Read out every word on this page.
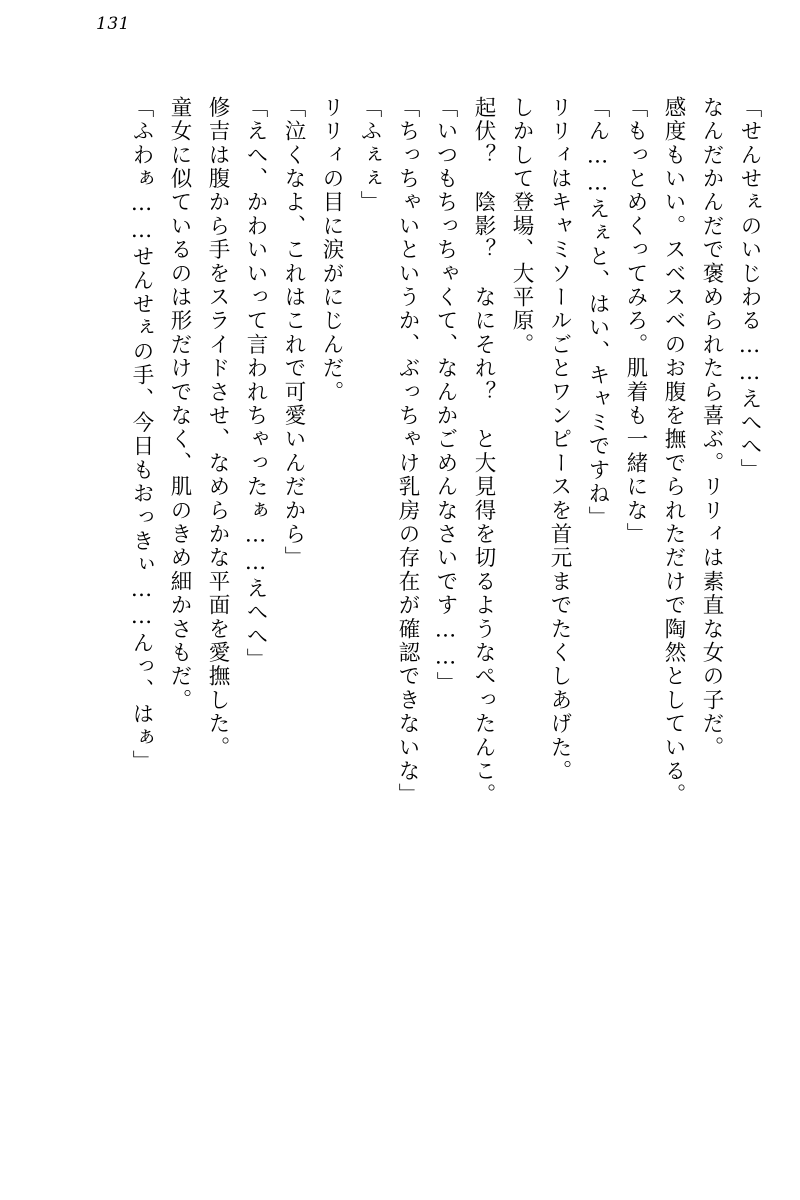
131
「せんせぇのいじわる……えへへ」
なんだかんだで褒められたら喜ぶ。リリィは素直な女の子だ。
感度もいい。スベスベのお腹を撫でられただけで陶然としている。
「もっとめくってみろ。肌着も一緒にな」
「ん……えぇと、はい、キャミですね」
リリィはキャミソールごとワンピースを首元までたくしあげた。
しかして登場、大平原。
起伏？　陰影？　なにそれ？　と大見得を切るようなぺったんこ。
「いつもちっちゃくて、なんかごめんなさいです……」
「ちっちゃいというか、ぶっちゃけ乳房の存在が確認できないな」
「ふぇぇ」
リリィの目に涙がにじんだ。
「泣くなよ、これはこれで可愛いんだから」
「えへ、かわいいって言われちゃったぁ……えへへ」
修吉は腹から手をスライドさせ、なめらかな平面を愛撫した。
童女に似ているのは形だけでなく、肌のきめ細かさもだ。
「ふわぁ……せんせぇの手、今日もおっきぃ……んっ、はぁ」
